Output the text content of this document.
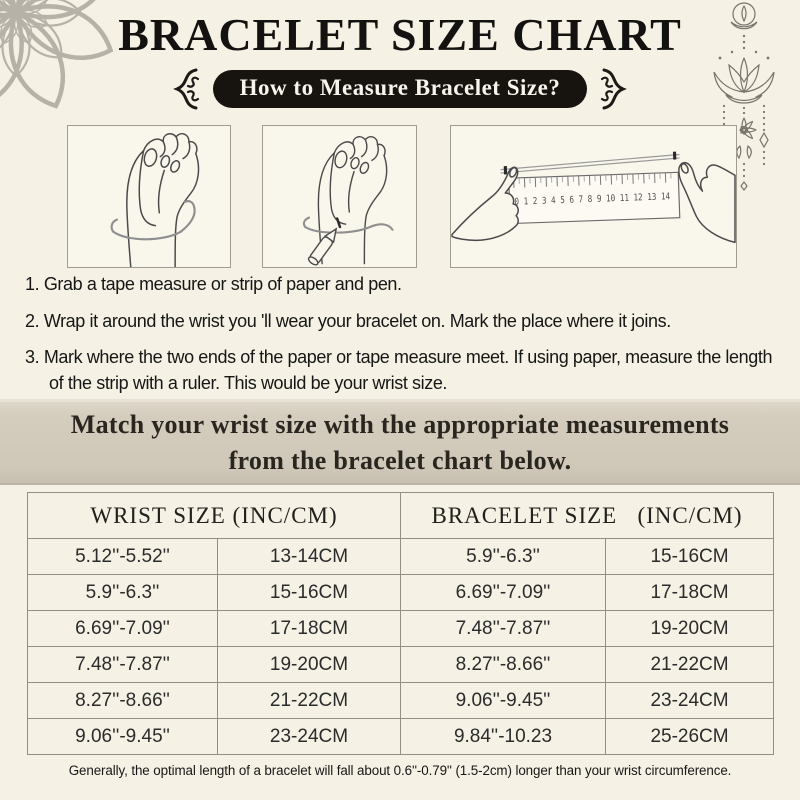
BRACELET SIZE CHART
How to Measure Bracelet Size?
0 1 2 3 4 5 6 7 8 9 10 11 12 13 14
1. Grab a tape measure or strip of paper and pen.
2. Wrap it around the wrist you 'll wear your bracelet on. Mark the place where it joins.
3. Mark where the two ends of the paper or tape measure meet. If using paper, measure the length of the strip with a ruler. This would be your wrist size.
Match your wrist size with the appropriate measurements
from the bracelet chart below.
WRIST SIZE (INC/CM)		BRACELET SIZE   (INC/CM)	
5.12''-5.52''	13-14CM	5.9''-6.3''	15-16CM
5.9''-6.3''	15-16CM	6.69''-7.09''	17-18CM
6.69''-7.09''	17-18CM	7.48''-7.87''	19-20CM
7.48''-7.87''	19-20CM	8.27''-8.66''	21-22CM
8.27''-8.66''	21-22CM	9.06''-9.45''	23-24CM
9.06''-9.45''	23-24CM	9.84''-10.23	25-26CM
Generally, the optimal length of a bracelet will fall about 0.6''-0.79'' (1.5-2cm) longer than your wrist circumference.
